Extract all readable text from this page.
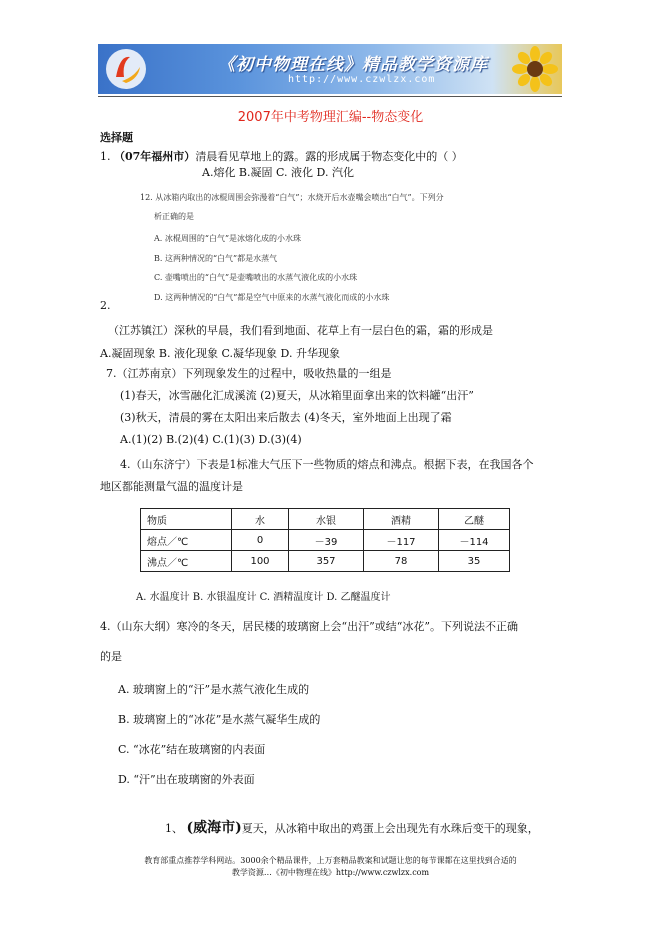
《初中物理在线》精品教学资源库
http://www.czwlzx.com
2007年中考物理汇编--物态变化
选择题
1. （07年福州市）清晨看见草地上的露。露的形成属于物态变化中的（ ）
A.熔化 B.凝固 C. 液化 D. 汽化
12. 从冰箱内取出的冰棍周围会弥漫着“白气”；水烧开后水壶嘴会喷出“白气”。下列分
析正确的是
A. 冰棍周围的“白气”是冰熔化成的小水珠
B. 这两种情况的“白气”都是水蒸气
C. 壶嘴喷出的“白气”是壶嘴喷出的水蒸气液化成的小水珠
D. 这两种情况的“白气”都是空气中原来的水蒸气液化而成的小水珠
2.
（江苏镇江）深秋的早晨，我们看到地面、花草上有一层白色的霜，霜的形成是
A.凝固现象 B. 液化现象 C.凝华现象 D. 升华现象
7.（江苏南京）下列现象发生的过程中，吸收热量的一组是
(1)春天，冰雪融化汇成溪流 (2)夏天，从冰箱里面拿出来的饮料罐“出汗”
(3)秋天，清晨的雾在太阳出来后散去 (4)冬天，室外地面上出现了霜
A.(1)(2) B.(2)(4) C.(1)(3) D.(3)(4)
4.（山东济宁）下表是1标准大气压下一些物质的熔点和沸点。根据下表，在我国各个
地区都能测量气温的温度计是
物质	水	水银	酒精	乙醚
熔点／℃	0	－39	－117	－114
沸点／℃	100	357	78	35
A. 水温度计 B. 水银温度计 C. 酒精温度计 D. 乙醚温度计
4.（山东大纲）寒冷的冬天，居民楼的玻璃窗上会“出汗”或结“冰花”。下列说法不正确
的是
A. 玻璃窗上的“汗”是水蒸气液化生成的
B. 玻璃窗上的“冰花”是水蒸气凝华生成的
C. “冰花”结在玻璃窗的内表面
D. “汗”出在玻璃窗的外表面
1、 (威海市)夏天，从冰箱中取出的鸡蛋上会出现先有水珠后变干的现象，
教育部重点推荐学科网站。3000余个精品课件，上万套精品教案和试题让您的每节课都在这里找到合适的
教学资源…《初中物理在线》http://www.czwlzx.com
